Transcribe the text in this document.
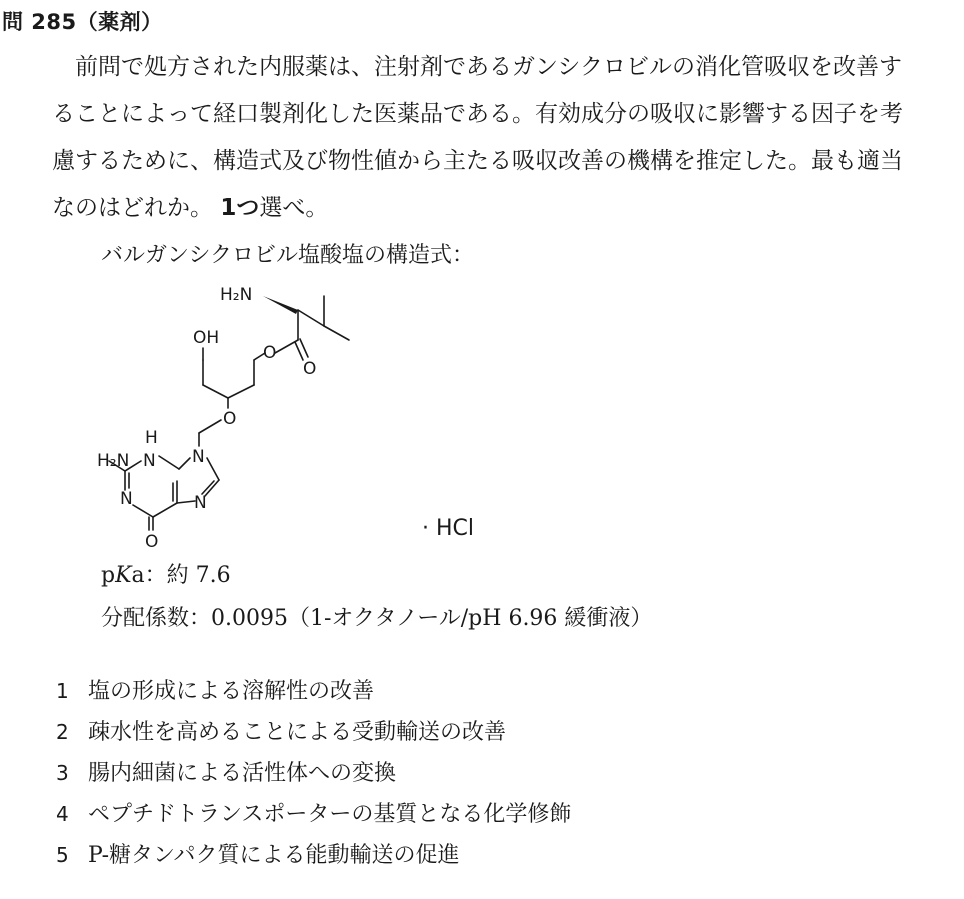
問 285（薬剤）
前問で処方された内服薬は、注射剤であるガンシクロビルの消化管吸収を改善す
ることによって経口製剤化した医薬品である。有効成分の吸収に影響する因子を考
慮するために、構造式及び物性値から主たる吸収改善の機構を推定した。最も適当
なのはどれか。 1つ選べ。
バルガンシクロビル塩酸塩の構造式：
H₂N
OH
O
O
O
H₂N
H
N N
N	N
O
· HCl
pKa：約 7.6
分配係数：0.0095（1-オクタノール/pH 6.96 緩衝液）
1 塩の形成による溶解性の改善
2 疎水性を高めることによる受動輸送の改善
3 腸内細菌による活性体への変換
4 ペプチドトランスポーターの基質となる化学修飾
5 P-糖タンパク質による能動輸送の促進
